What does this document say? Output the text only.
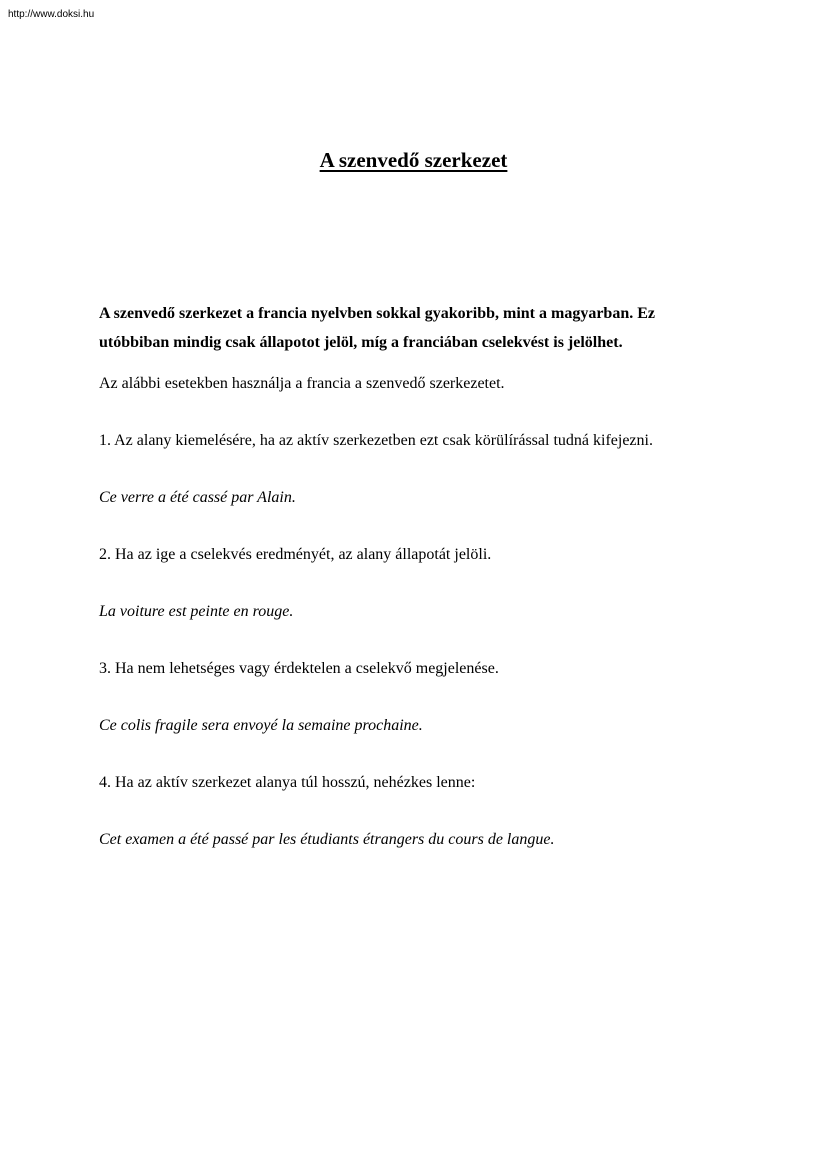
http://www.doksi.hu
A szenvedő szerkezet

A szenvedő szerkezet a francia nyelvben sokkal gyakoribb, mint a magyarban. Ez
utóbbiban mindig csak állapotot jelöl, míg a franciában cselekvést is jelölhet.

Az alábbi esetekben használja a francia a szenvedő szerkezetet.

1. Az alany kiemelésére, ha az aktív szerkezetben ezt csak körülírással tudná kifejezni.

Ce verre a été cassé par Alain.

2. Ha az ige a cselekvés eredményét, az alany állapotát jelöli.

La voiture est peinte en rouge.

3. Ha nem lehetséges vagy érdektelen a cselekvő megjelenése.

Ce colis fragile sera envoyé la semaine prochaine.

4. Ha az aktív szerkezet alanya túl hosszú, nehézkes lenne:

Cet examen a été passé par les étudiants étrangers du cours de langue.
